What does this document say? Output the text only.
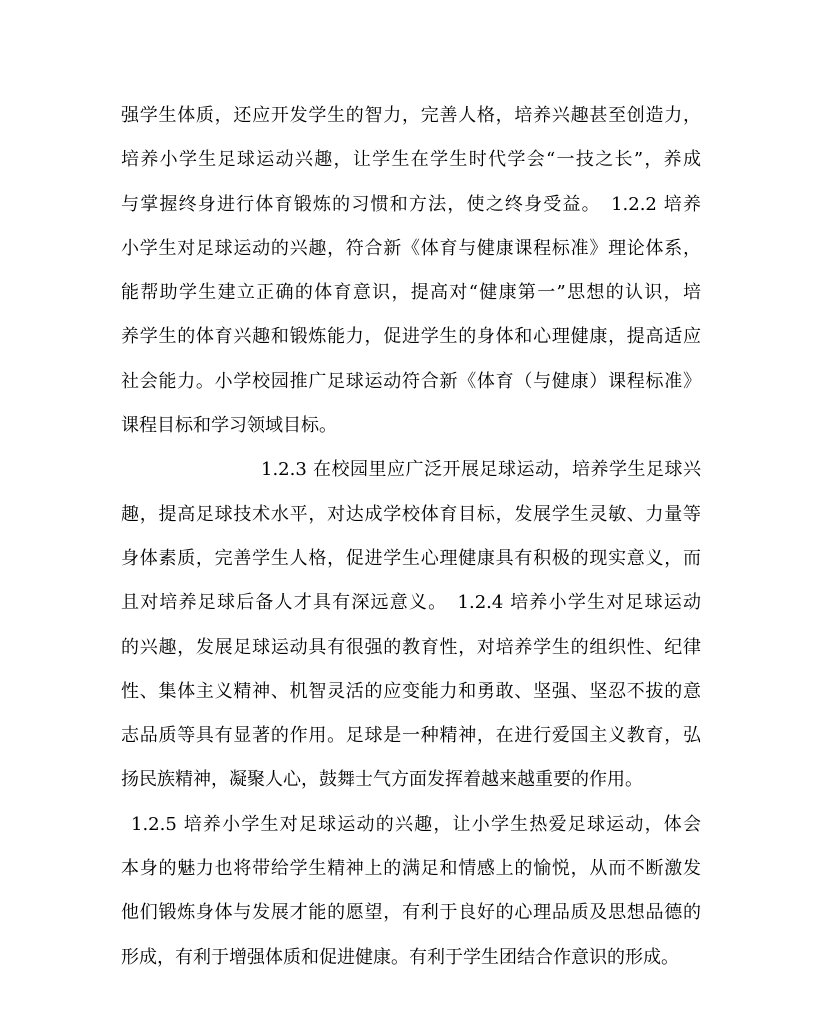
强学生体质，还应开发学生的智力，完善人格，培养兴趣甚至创造力，
培养小学生足球运动兴趣，让学生在学生时代学会“一技之长”，养成
与掌握终身进行体育锻炼的习惯和方法，使之终身受益。　1.2.2 培养
小学生对足球运动的兴趣，符合新《体育与健康课程标准》理论体系，
能帮助学生建立正确的体育意识，提高对“健康第一”思想的认识，培
养学生的体育兴趣和锻炼能力，促进学生的身体和心理健康，提高适应
社会能力。小学校园推广足球运动符合新《体育（与健康）课程标准》
课程目标和学习领域目标。
1.2.3 在校园里应广泛开展足球运动，培养学生足球兴
趣，提高足球技术水平，对达成学校体育目标，发展学生灵敏、力量等
身体素质，完善学生人格，促进学生心理健康具有积极的现实意义，而
且对培养足球后备人才具有深远意义。　1.2.4 培养小学生对足球运动
的兴趣，发展足球运动具有很强的教育性，对培养学生的组织性、纪律
性、集体主义精神、机智灵活的应变能力和勇敢、坚强、坚忍不拔的意
志品质等具有显著的作用。足球是一种精神，在进行爱国主义教育，弘
扬民族精神，凝聚人心，鼓舞士气方面发挥着越来越重要的作用。
1.2.5 培养小学生对足球运动的兴趣，让小学生热爱足球运动，体会
本身的魅力也将带给学生精神上的满足和情感上的愉悦，从而不断激发
他们锻炼身体与发展才能的愿望，有利于良好的心理品质及思想品德的
形成，有利于增强体质和促进健康。有利于学生团结合作意识的形成。
